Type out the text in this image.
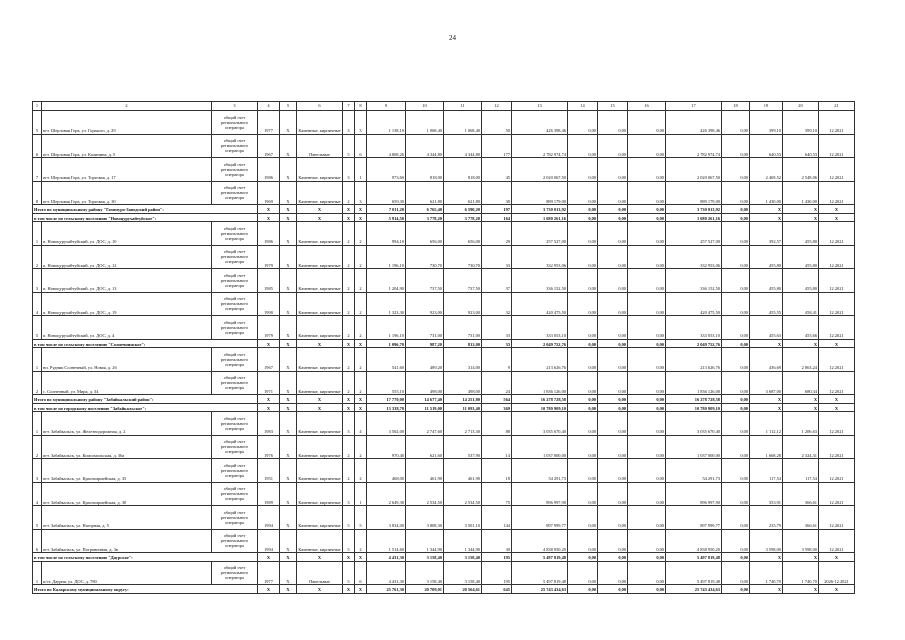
24
1	2	3	4	5	6	7	8	9	10	11	12	13	14	15	16	17	18	19	20	21
5	пгт. Шерловая Гора, ул. Горького, д. 29	общий счет регионального оператора	1977	X	Каменные, кирпичные	3	3	1 138,10	1 068,40	1 068,40	50	426 398,46	0,00	0,00	0,00	426 398,46	0,00	399,10	399,10	12.2021
6	пгт. Шерловая Гора, ул. Калинина, д. 5	общий счет регионального оператора	1967	X	Панельные	5	6	4 868,26	4 344,80	4 344,80	177	2 782 974,74	0,00	0,00	0,00	2 782 974,74	0,00	640,53	640,53	12.2021
7	пгт. Шерловая Гора, ул. Торговая, д. 17	общий счет регионального оператора	1986	X	Каменные, кирпичные	3	1	973,60	818,00	818,00	45	2 020 067,50	0,00	0,00	0,00	2 020 067,50	0,00	2 469,52	2 548,06	12.2021
8	пгт. Шерловая Гора, ул. Торговая, д. 30	общий счет регионального оператора	1969	X	Каменные, кирпичные	2	3	659,30	621,80	621,80	30	889 179,00	0,00	0,00	0,00	889 179,00	0,00	1 430,00	1 430,00	12.2021
Итого по муниципальному району "Газимуро-Заводский район":			X	X	X	X	X	7 011,20	6 765,40	6 590,20	197	3 730 013,92	0,00	0,00	0,00	3 730 013,92	0,00	X	X	X
в том числе по сельскому поселению "Новоцурухайтуйское":			X	X	X	X	X	5 914,50	3 778,20	3 778,20	164	1 680 261,16	0,00	0,00	0,00	1 680 261,16	0,00	X	X	X
1	п. Новоцурухайтуйский, ул. ДОС, д. 10	общий счет регионального оператора	1986	X	Каменные, кирпичные	2	2	994,10	656,00	656,00	29	257 527,00	0,00	0,00	0,00	257 527,00	0,00	392,57	455,80	12.2021
2	п. Новоцурухайтуйский, ул. ДОС, д. 12	общий счет регионального оператора	1979	X	Каменные, кирпичные	2	2	1 196,10	730,70	730,70	33	332 953,06	0,00	0,00	0,00	332 953,06	0,00	455,80	455,80	12.2021
3	п. Новоцурухайтуйский, ул. ДОС, д. 13	общий счет регионального оператора	1985	X	Каменные, кирпичные	2	2	1 204,90	737,50	737,50	37	336 152,50	0,00	0,00	0,00	336 152,50	0,00	455,80	455,80	12.2021
4	п. Новоцурухайтуйский, ул. ДОС, д. 19	общий счет регионального оператора	1990	X	Каменные, кирпичные	2	2	1 323,30	923,00	923,00	32	420 475,50	0,00	0,00	0,00	420 475,50	0,00	455,55	458,41	12.2021
5	п. Новоцурухайтуйский, ул. ДОС, д. 4	общий счет регионального оператора	1979	X	Каменные, кирпичные	2	2	1 196,10	731,00	731,00	33	333 053,10	0,00	0,00	0,00	333 053,10	0,00	455,63	455,66	12.2021
в том числе по сельскому поселению "Солнечнинское":			X	X	X	X	X	1 096,70	987,20	812,00	33	2 049 752,76	0,00	0,00	0,00	2 049 752,76	0,00	X	X	X
1	нп. Рудник Солнечный, ул. Новая, д. 26	общий счет регионального оператора	1967	X	Каменные, кирпичные	2	2	541,60	489,20	314,00	9	213 626,76	0,00	0,00	0,00	213 626,76	0,00	436,69	2 863,24	12.2021
2	с. Солнечный, ул. Мира, д. 34	общий счет регионального оператора	1971	X	Каменные, кирпичные	2	2	555,10	498,00	498,00	24	1 836 126,00	0,00	0,00	0,00	1 836 126,00	0,00	3 687,00	680,34	12.2021
Итого по муниципальному району "Забайкальский район":			X	X	X	X	X	17 770,00	14 677,40	14 251,80	564	16 278 728,58	0,00	0,00	0,00	16 278 728,58	0,00	X	X	X
в том числе по городскому поселению "Забайкальское":			X	X	X	X	X	13 338,70	11 519,00	11 093,40	369	10 780 909,10	0,00	0,00	0,00	10 780 909,10	0,00	X	X	X
1	пгт. Забайкальск, ул. Железнодорожная, д. 2	общий счет регионального оператора	1983	X	Каменные, кирпичные	3	4	3 502,00	2 747,60	2 713,30	88	3 035 670,40	0,00	0,00	0,00	3 035 670,40	0,00	1 112,12	1 206,63	12.2021
2	пгт. Забайкальск, ул. Комсомольская, д. 36а	общий счет регионального оператора	1976	X	Каменные, кирпичные	2	2	970,40	621,60	537,90	14	1 037 000,00	0,00	0,00	0,00	1 037 000,00	0,00	1 668,28	2 324,31	12.2021
3	пгт. Забайкальск, ул. Красноармейская, д. 35	общий счет регионального оператора	1951	X	Каменные, кирпичные	2	2	468,00	461,90	461,90	18	54 291,73	0,00	0,00	0,00	54 291,73	0,00	117,54	117,54	12.2021
4	пгт. Забайкальск, ул. Красноармейская, д. 30	общий счет регионального оператора	1989	X	Каменные, кирпичные	3	1	2 649,30	2 534,50	2 534,50	75	896 997,90	0,00	0,00	0,00	896 997,90	0,00	353,91	366,61	12.2021
5	пгт. Забайкальск, ул. Нагорная, д. 5	общий счет регионального оператора	1994	X	Каменные, кирпичные	5	5	3 834,00	3 808,30	3 501,10	144	897 999,77	0,00	0,00	0,00	897 999,77	0,00	235,79	366,61	12.2021
6	пгт. Забайкальск, ул. Пограничная, д. 3в	общий счет регионального оператора	1994	X	Каменные, кирпичные	5	2	1 514,60	1 344,90	1 344,90	30	4 838 950,20	0,00	0,00	0,00	4 838 950,20	0,00	3 598,00	3 598,00	12.2021
в том числе по сельскому поселению "Даурское":			X	X	X	X	X	4 431,30	3 158,40	3 158,40	195	5 497 819,48	0,00	0,00	0,00	5 497 819,48	0,00	X	X	X
1	п/ст. Даурия, ул. ДОС, д. 780	общий счет регионального оператора	1977	X	Панельные	5	6	4 431,30	3 158,40	3 158,40	195	5 497 819,48	0,00	0,00	0,00	5 497 819,48	0,00	1 740,70	1 740,70	2026-12.2021
Итого по Каларскому муниципальному округу:			X	X	X	X	X	25 761,30	20 709,01	20 564,61	645	25 743 434,63	0,00	0,00	0,00	25 743 434,63	0,00	X	X	X
